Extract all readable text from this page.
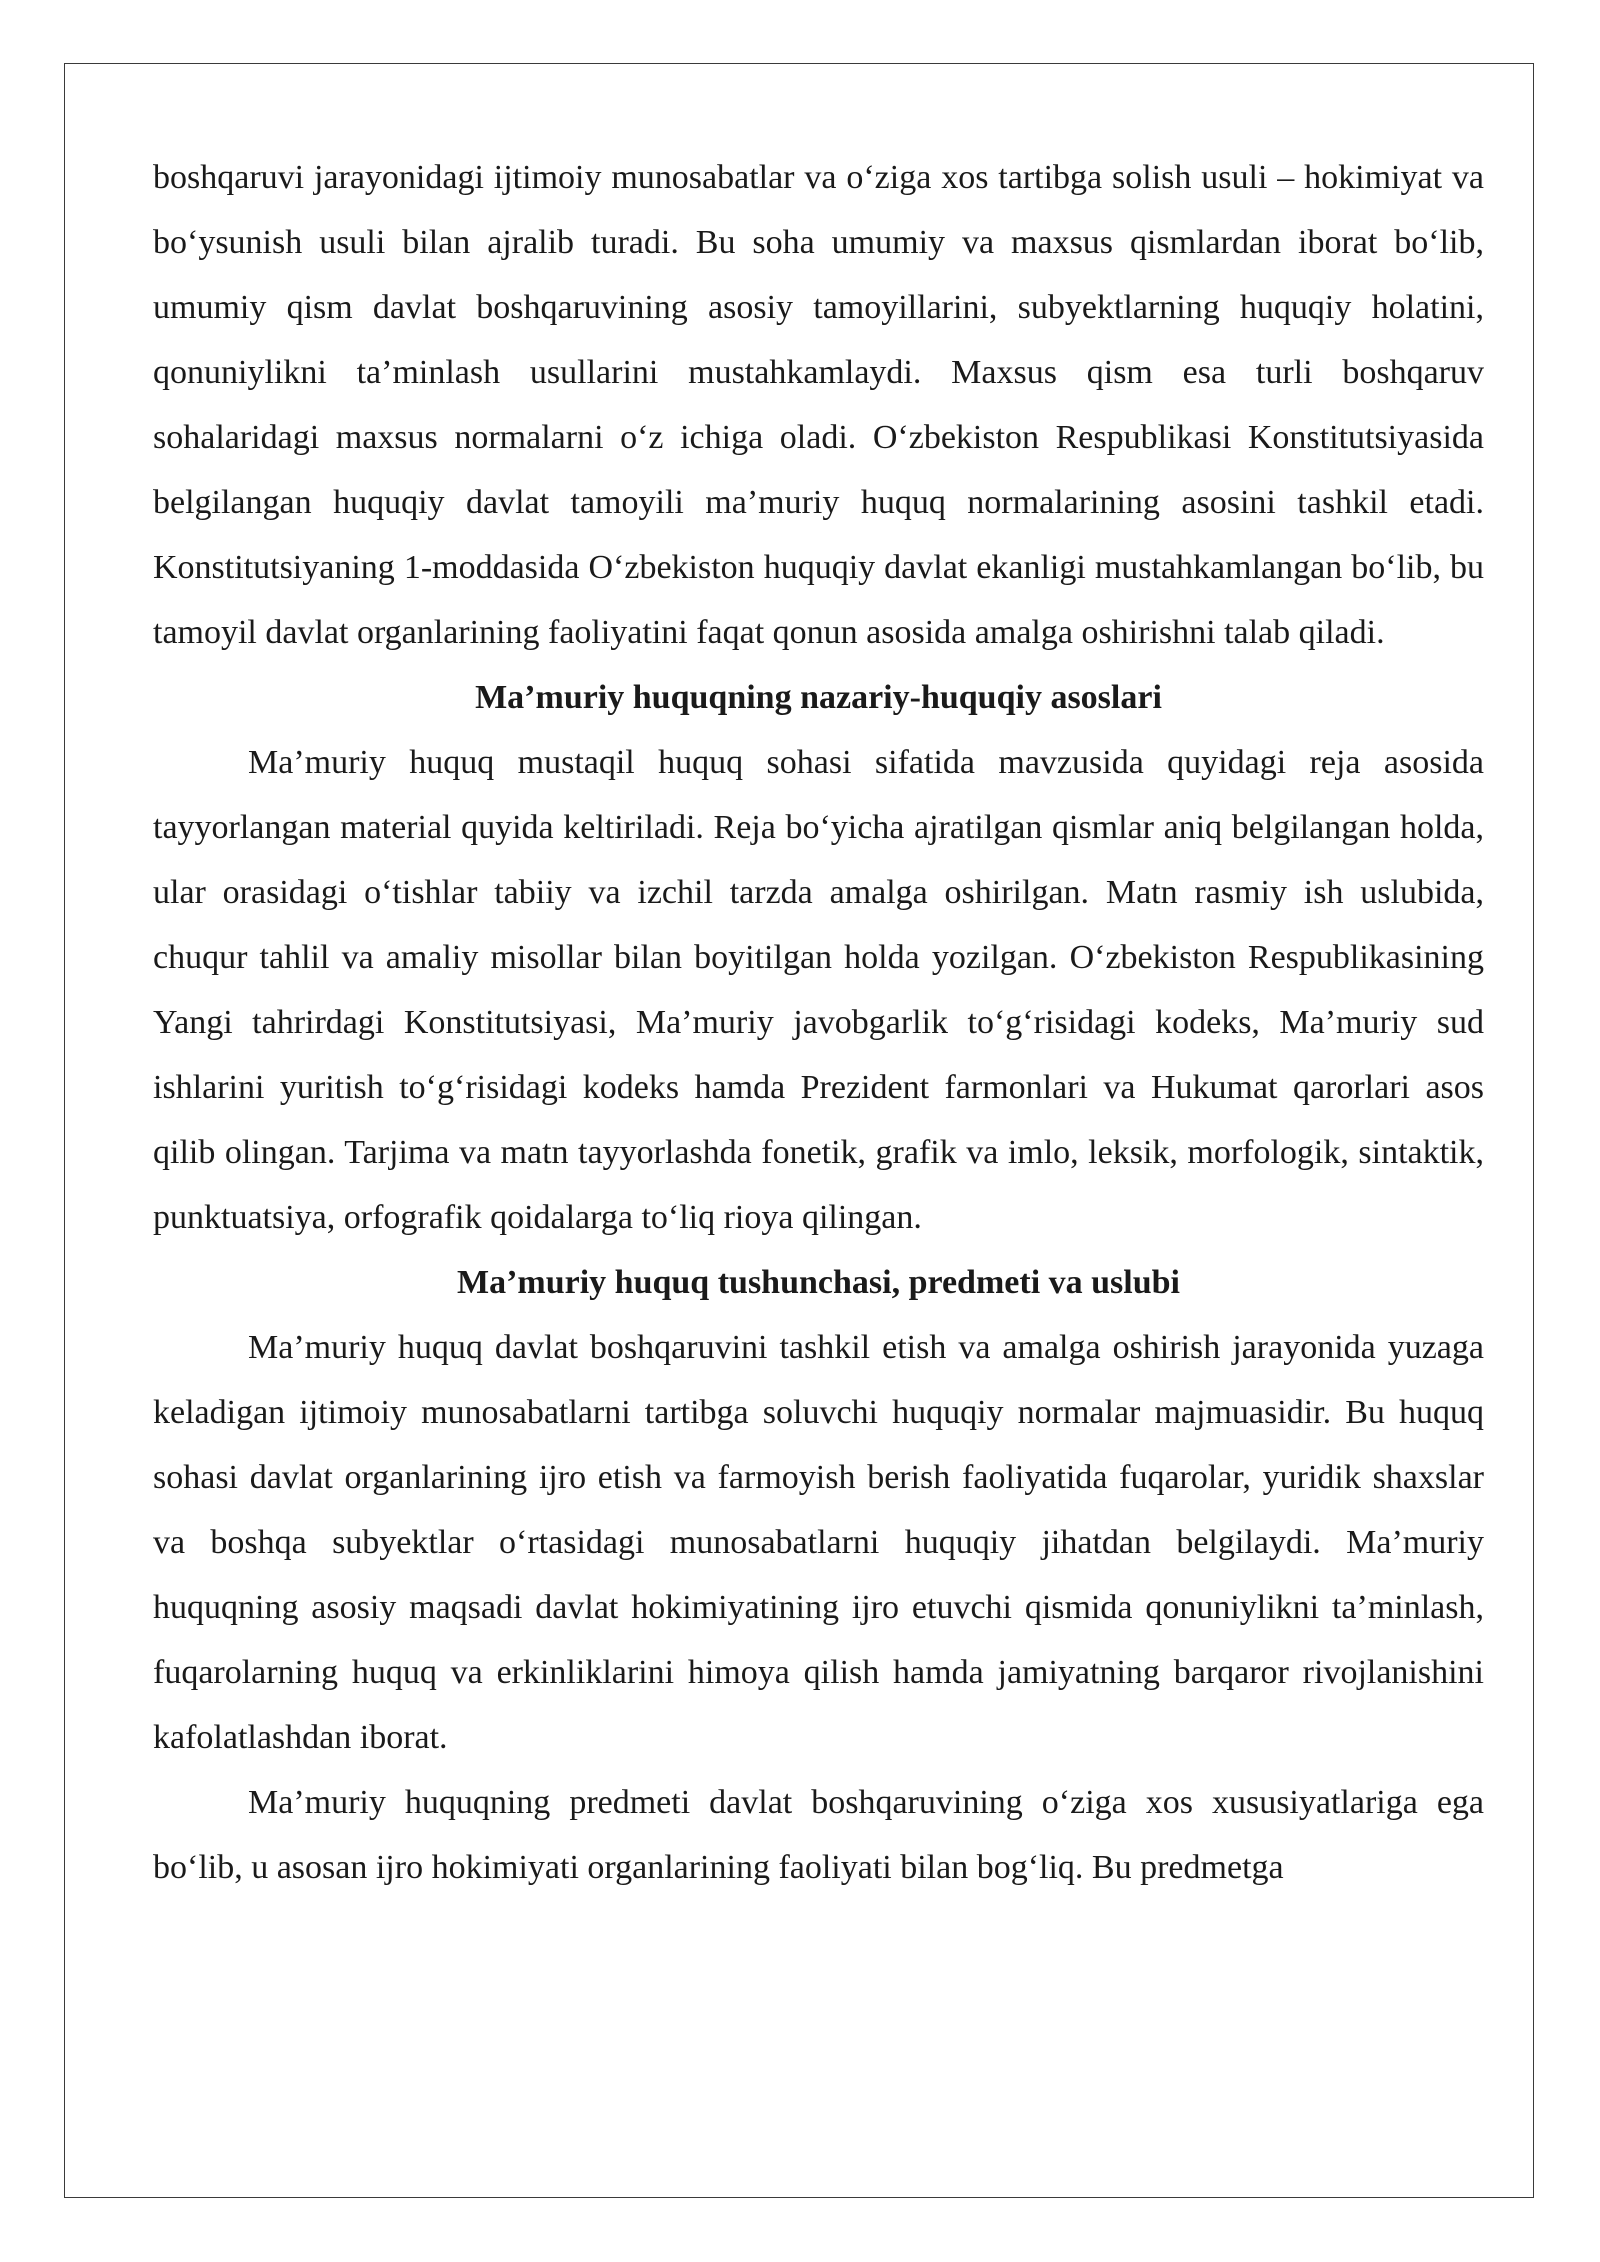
boshqaruvi jarayonidagi ijtimoiy munosabatlar va o‘ziga xos tartibga solish usuli – hokimiyat va bo‘ysunish usuli bilan ajralib turadi. Bu soha umumiy va maxsus qismlardan iborat bo‘lib, umumiy qism davlat boshqaruvining asosiy tamoyillarini, subyektlarning huquqiy holatini, qonuniylikni ta’minlash usullarini mustahkamlaydi. Maxsus qism esa turli boshqaruv sohalaridagi maxsus normalarni o‘z ichiga oladi. O‘zbekiston Respublikasi Konstitutsiyasida belgilangan huquqiy davlat tamoyili ma’muriy huquq normalarining asosini tashkil etadi. Konstitutsiyaning 1-moddasida O‘zbekiston huquqiy davlat ekanligi mustahkamlangan bo‘lib, bu tamoyil davlat organlarining faoliyatini faqat qonun asosida amalga oshirishni talab qiladi.

Ma’muriy huquqning nazariy-huquqiy asoslari

Ma’muriy huquq mustaqil huquq sohasi sifatida mavzusida quyidagi reja asosida tayyorlangan material quyida keltiriladi. Reja bo‘yicha ajratilgan qismlar aniq belgilangan holda, ular orasidagi o‘tishlar tabiiy va izchil tarzda amalga oshirilgan. Matn rasmiy ish uslubida, chuqur tahlil va amaliy misollar bilan boyitilgan holda yozilgan. O‘zbekiston Respublikasining Yangi tahrirdagi Konstitutsiyasi, Ma’muriy javobgarlik to‘g‘risidagi kodeks, Ma’muriy sud ishlarini yuritish to‘g‘risidagi kodeks hamda Prezident farmonlari va Hukumat qarorlari asos qilib olingan. Tarjima va matn tayyorlashda fonetik, grafik va imlo, leksik, morfologik, sintaktik, punktuatsiya, orfografik qoidalarga to‘liq rioya qilingan.

Ma’muriy huquq tushunchasi, predmeti va uslubi

Ma’muriy huquq davlat boshqaruvini tashkil etish va amalga oshirish jarayonida yuzaga keladigan ijtimoiy munosabatlarni tartibga soluvchi huquqiy normalar majmuasidir. Bu huquq sohasi davlat organlarining ijro etish va farmoyish berish faoliyatida fuqarolar, yuridik shaxslar va boshqa subyektlar o‘rtasidagi munosabatlarni huquqiy jihatdan belgilaydi. Ma’muriy huquqning asosiy maqsadi davlat hokimiyatining ijro etuvchi qismida qonuniylikni ta’minlash, fuqarolarning huquq va erkinliklarini himoya qilish hamda jamiyatning barqaror rivojlanishini kafolatlashdan iborat.

Ma’muriy huquqning predmeti davlat boshqaruvining o‘ziga xos xususiyatlariga ega bo‘lib, u asosan ijro hokimiyati organlarining faoliyati bilan bog‘liq. Bu predmetga
